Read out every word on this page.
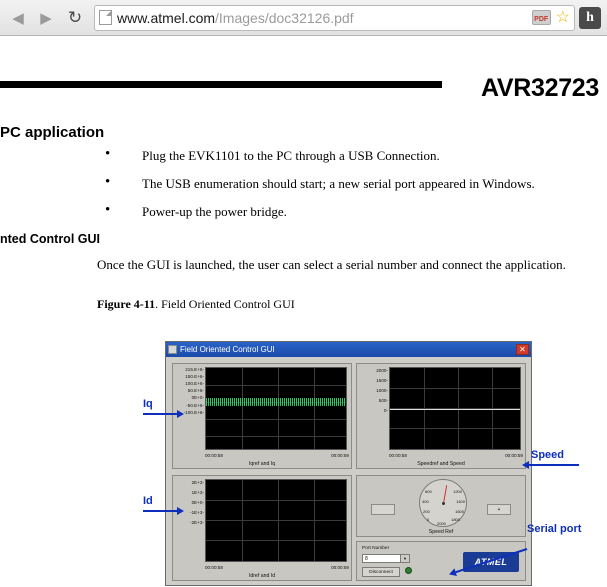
◀	▶ ↻	www.atmel.com/Images/doc32126.pdf	PDF ☆	h
AVR32723
PC application
• Plug the EVK1101 to the PC through a USB Connection.
• The USB enumeration should start; a new serial port appeared in Windows.
• Power-up the power bridge.
nted Control GUI
Once the GUI is launched, the user can select a serial number and connect the application.
Figure 4-11. Field Oriented Control GUI
Field Oriented Control GUI	✕
215.E+6-
150.E+6-
100.E+6-
50.E+6-
0E+0-
-50.E+6-
-100.E+6-
00:00:58	00:00:59
Iqref and Iq
2000-
1500-
1000-
500-
0-
00:00:58	00:00:59
Speedref and Speed
2E+3-
1E+3-
0E+0-
-1E+3-
-2E+3-
00:00:58	00:00:59
Idref and Id
600	1200
400	1400
200	1600
0	1800
2000
+
Speed Ref
Port Number
8	▼
Disconnect
ATMEL
Iq
Id
Speed
Serial port
